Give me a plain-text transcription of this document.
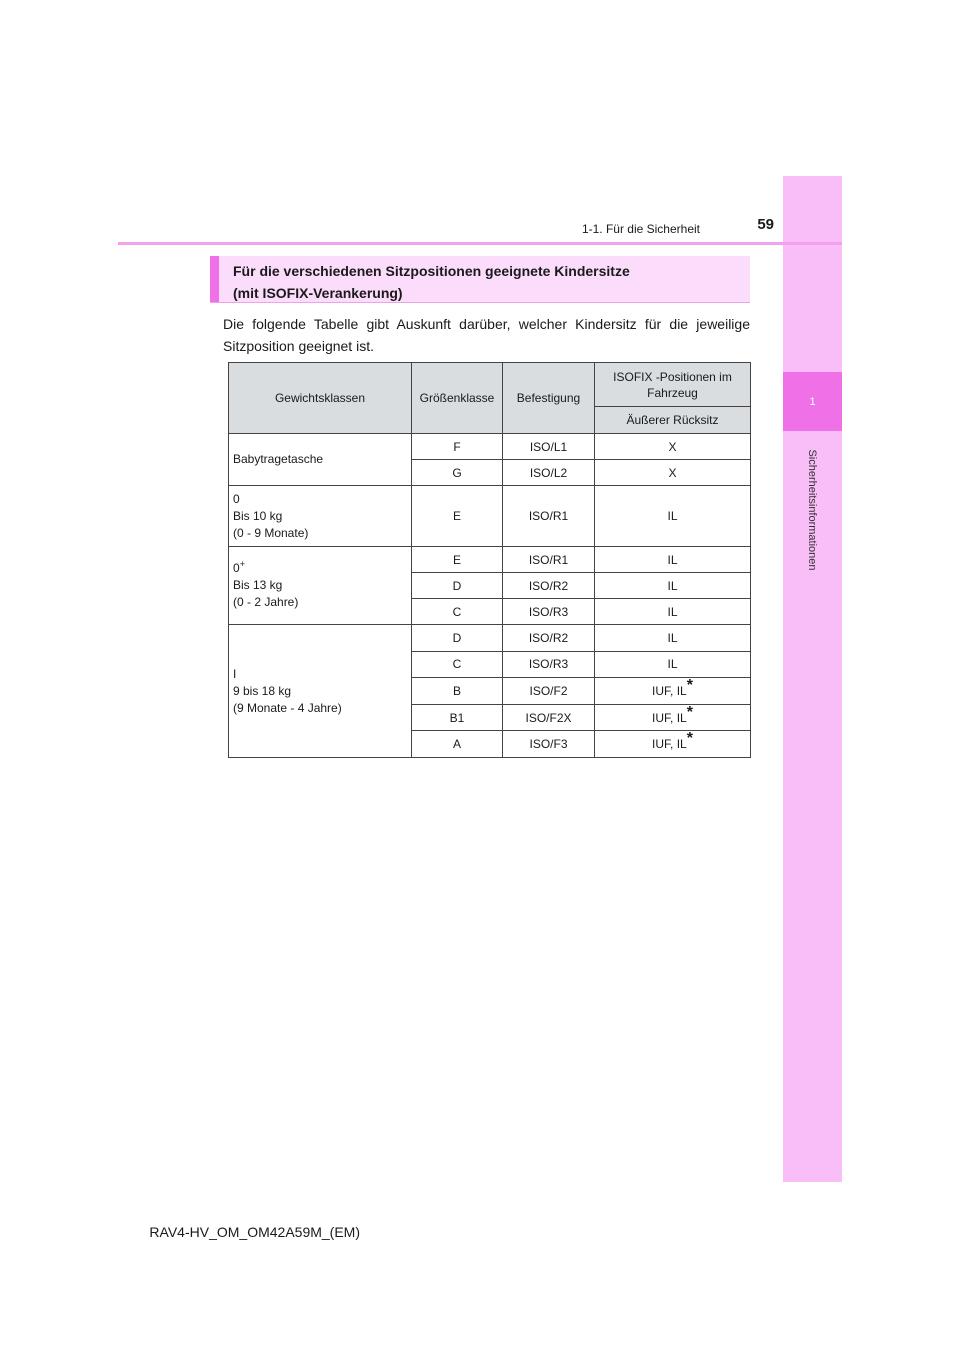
1
Sicherheitsinformationen
59
1-1. Für die Sicherheit
Für die verschiedenen Sitzpositionen geeignete Kindersitze
(mit ISOFIX-Verankerung)
Die folgende Tabelle gibt Auskunft darüber, welcher Kindersitz für die jeweilige Sitzposition geeignet ist.
Gewichtsklassen	Größenklasse	Befestigung	ISOFIX -Positionen im Fahrzeug
			Äußerer Rücksitz

Babytragetasche	F	ISO/L1	X
	G	ISO/L2	X

0
Bis 10 kg
(0 - 9 Monate)	E	ISO/R1	IL

0+
Bis 13 kg
(0 - 2 Jahre)	E	ISO/R1	IL
	D	ISO/R2	IL
	C	ISO/R3	IL

I
9 bis 18 kg
(9 Monate - 4 Jahre)	D	ISO/R2	IL
	C	ISO/R3	IL
	B	ISO/F2	IUF, IL*
	B1	ISO/F2X	IUF, IL*
	A	ISO/F3	IUF, IL*
RAV4-HV_OM_OM42A59M_(EM)
